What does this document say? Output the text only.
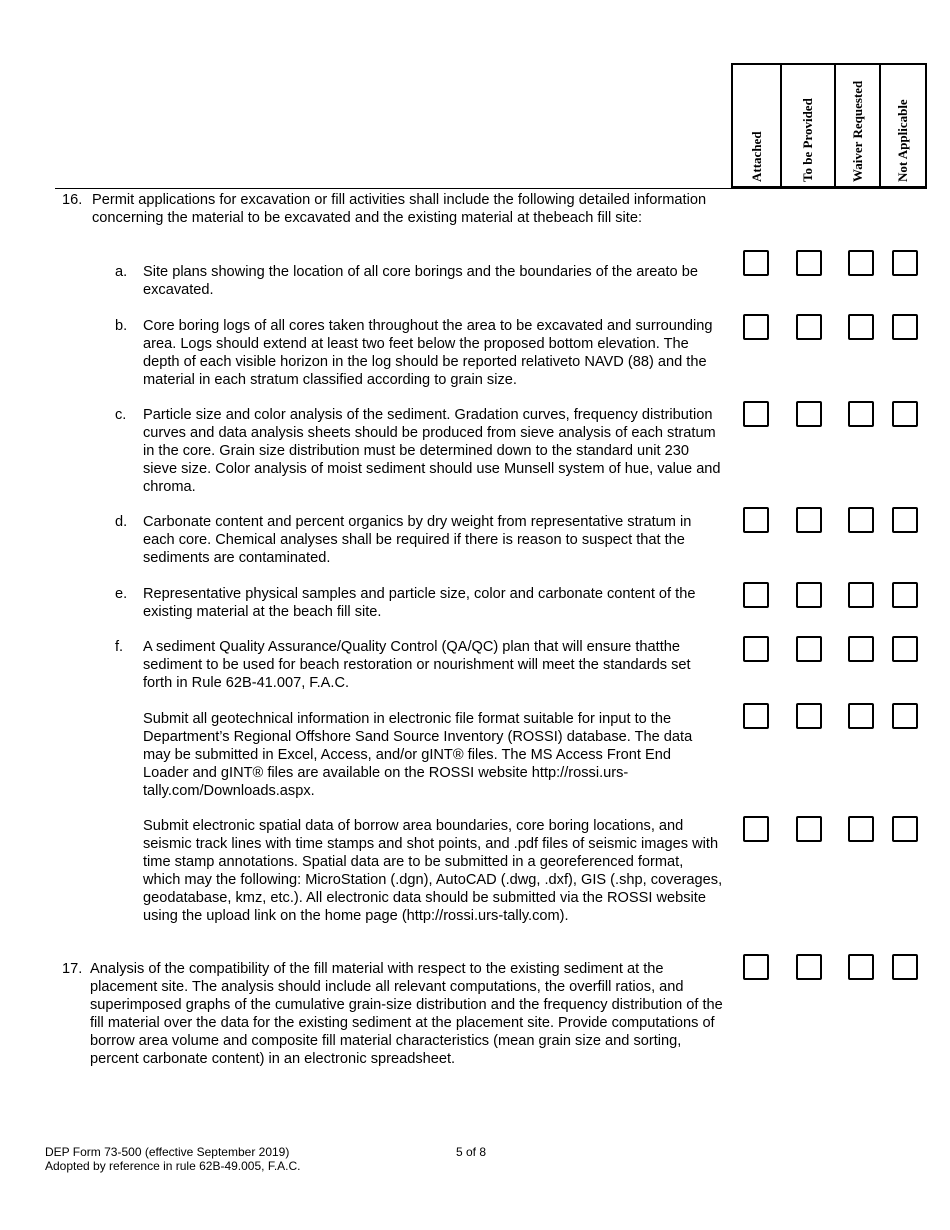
Attached	To be Provided	Waiver Requested Not Applicable
16. Permit applications for excavation or fill activities shall include the following detailed information concerning the material to be excavated and the existing material at thebeach fill site:
a. Site plans showing the location of all core borings and the boundaries of the areato be excavated.
b. Core boring logs of all cores taken throughout the area to be excavated and surrounding area. Logs should extend at least two feet below the proposed bottom elevation. The depth of each visible horizon in the log should be reported relativeto NAVD (88) and the material in each stratum classified according to grain size.
c. Particle size and color analysis of the sediment. Gradation curves, frequency distribution curves and data analysis sheets should be produced from sieve analysis of each stratum in the core. Grain size distribution must be determined down to the standard unit 230 sieve size. Color analysis of moist sediment should use Munsell system of hue, value and chroma.
d. Carbonate content and percent organics by dry weight from representative stratum in each core. Chemical analyses shall be required if there is reason to suspect that the sediments are contaminated.
e. Representative physical samples and particle size, color and carbonate content of the existing material at the beach fill site.
f. A sediment Quality Assurance/Quality Control (QA/QC) plan that will ensure thatthe sediment to be used for beach restoration or nourishment will meet the standards set forth in Rule 62B-41.007, F.A.C.
Submit all geotechnical information in electronic file format suitable for input to the Department’s Regional Offshore Sand Source Inventory (ROSSI) database. The data may be submitted in Excel, Access, and/or gINT® files. The MS Access Front End Loader and gINT® files are available on the ROSSI website http://rossi.urs-tally.com/Downloads.aspx.
Submit electronic spatial data of borrow area boundaries, core boring locations, and seismic track lines with time stamps and shot points, and .pdf files of seismic images with time stamp annotations. Spatial data are to be submitted in a georeferenced format, which may the following: MicroStation (.dgn), AutoCAD (.dwg, .dxf), GIS (.shp, coverages, geodatabase, kmz, etc.). All electronic data should be submitted via the ROSSI website using the upload link on the home page (http://rossi.urs-tally.com).
17. Analysis of the compatibility of the fill material with respect to the existing sediment at the placement site. The analysis should include all relevant computations, the overfill ratios, and superimposed graphs of the cumulative grain-size distribution and the frequency distribution of the fill material over the data for the existing sediment at the placement site. Provide computations of borrow area volume and composite fill material characteristics (mean grain size and sorting, percent carbonate content) in an electronic spreadsheet.
DEP Form 73-500 (effective September 2019)
Adopted by reference in rule 62B-49.005, F.A.C.
5 of 8
